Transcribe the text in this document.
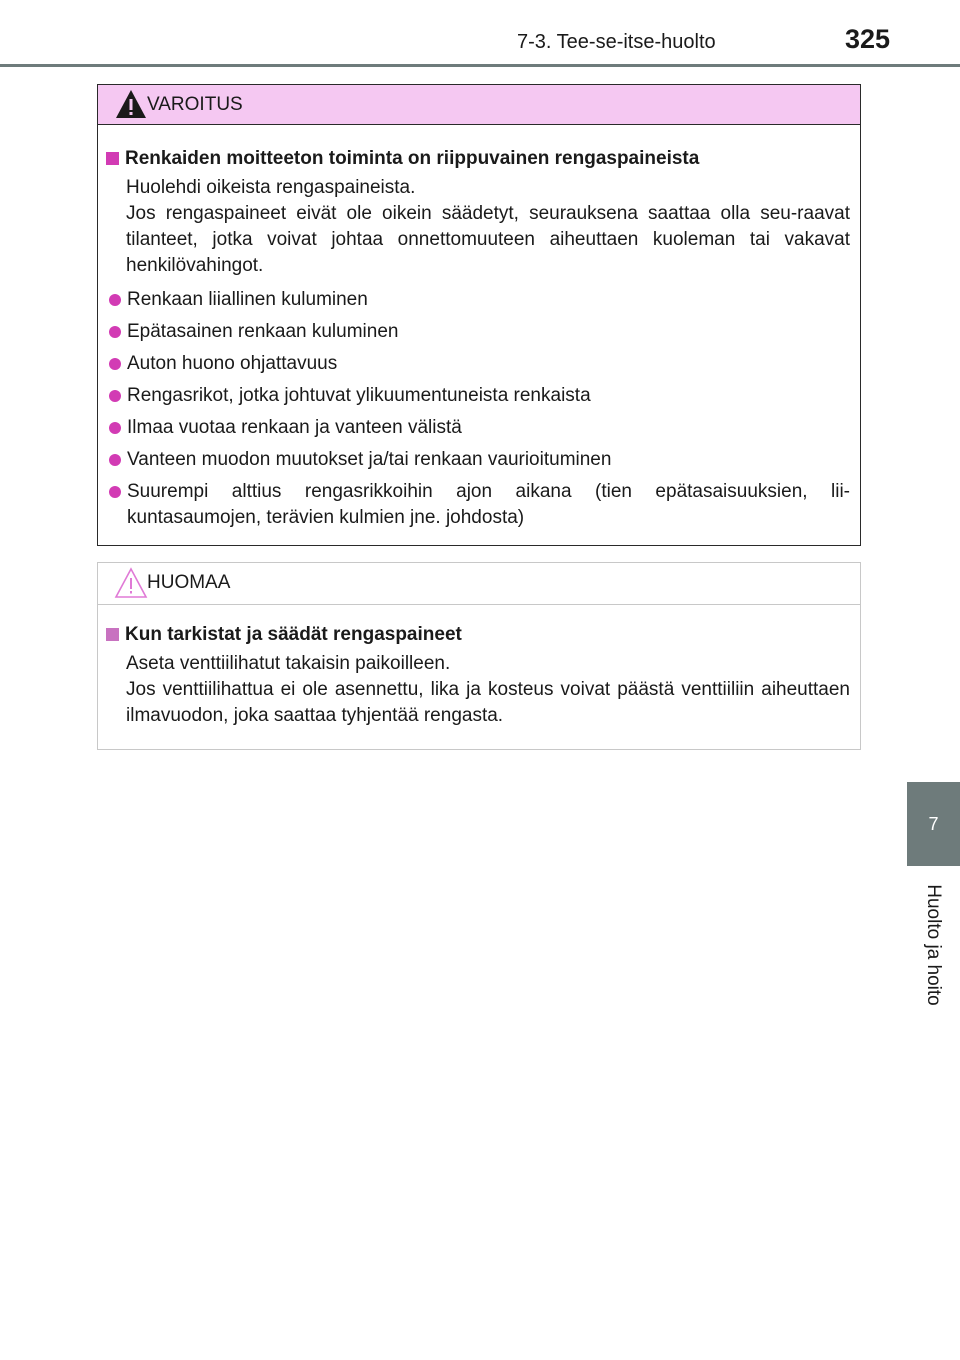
7-3. Tee-se-itse-huolto	325
7
Huolto ja hoito
VAROITUS
Renkaiden moitteeton toiminta on riippuvainen rengaspaineista
Huolehdi oikeista rengaspaineista.
Jos rengaspaineet eivät ole oikein säädetyt, seurauksena saattaa olla seu-raavat tilanteet, jotka voivat johtaa onnettomuuteen aiheuttaen kuoleman tai vakavat henkilövahingot.
Renkaan liiallinen kuluminen
Epätasainen renkaan kuluminen
Auton huono ohjattavuus
Rengasrikot, jotka johtuvat ylikuumentuneista renkaista
Ilmaa vuotaa renkaan ja vanteen välistä
Vanteen muodon muutokset ja/tai renkaan vaurioituminen
Suurempi alttius rengasrikkoihin ajon aikana (tien epätasaisuuksien, lii-kuntasaumojen, terävien kulmien jne. johdosta)
HUOMAA
Kun tarkistat ja säädät rengaspaineet
Aseta venttiilihatut takaisin paikoilleen.
Jos venttiilihattua ei ole asennettu, lika ja kosteus voivat päästä venttiiliin aiheuttaen ilmavuodon, joka saattaa tyhjentää rengasta.
